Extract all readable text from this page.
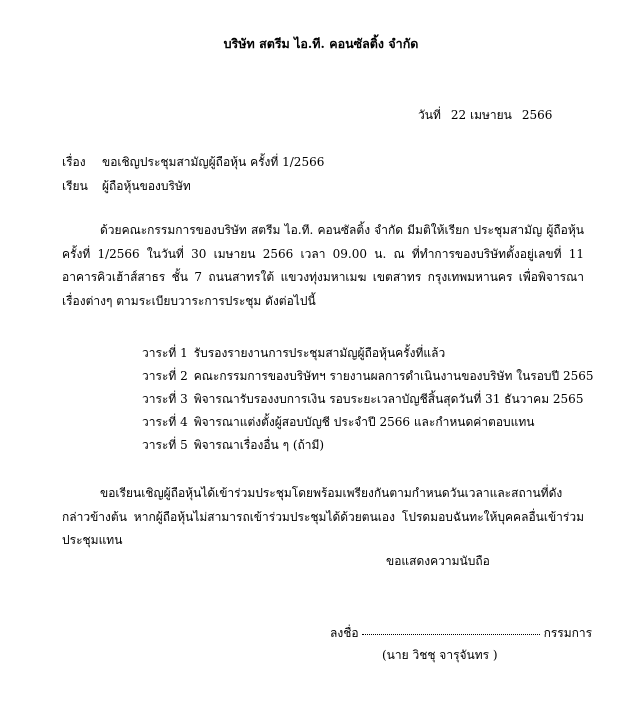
บริษัท สตรีม ไอ.ที. คอนซัลติ้ง จำกัด
วันที่ 22 เมษายน 2566
เรื่อง ขอเชิญประชุมสามัญผู้ถือหุ้น ครั้งที่ 1/2566
เรียน ผู้ถือหุ้นของบริษัท
ด้วยคณะกรรมการของบริษัท สตรีม ไอ.ที. คอนซัลติ้ง จำกัด มีมติให้เรียก ประชุมสามัญ ผู้ถือหุ้นครั้งที่ 1/2566 ในวันที่ 30 เมษายน 2566 เวลา 09.00 น. ณ ที่ทำการของบริษัทตั้งอยู่เลขที่ 11 อาคารคิวเฮ้าส์สาธร ชั้น 7 ถนนสาทรใต้ แขวงทุ่งมหาเมฆ เขตสาทร กรุงเทพมหานคร เพื่อพิจารณาเรื่องต่างๆ ตามระเบียบวาระการประชุม ดังต่อไปนี้
วาระที่ 1 รับรองรายงานการประชุมสามัญผู้ถือหุ้นครั้งที่แล้ว
วาระที่ 2 คณะกรรมการของบริษัทฯ รายงานผลการดำเนินงานของบริษัท ในรอบปี 2565
วาระที่ 3 พิจารณารับรองงบการเงิน รอบระยะเวลาบัญชีสิ้นสุดวันที่ 31 ธันวาคม 2565
วาระที่ 4 พิจารณาแต่งตั้งผู้สอบบัญชี ประจำปี 2566 และกำหนดค่าตอบแทน
วาระที่ 5 พิจารณาเรื่องอื่น ๆ (ถ้ามี)
ขอเรียนเชิญผู้ถือหุ้นได้เข้าร่วมประชุมโดยพร้อมเพรียงกันตามกำหนดวันเวลาและสถานที่ดังกล่าวข้างต้น หากผู้ถือหุ้นไม่สามารถเข้าร่วมประชุมได้ด้วยตนเอง โปรดมอบฉันทะให้บุคคลอื่นเข้าร่วมประชุมแทน
ขอแสดงความนับถือ
ลงชื่อ	กรรมการ
(นาย วิชชุ จารุจันทร )
